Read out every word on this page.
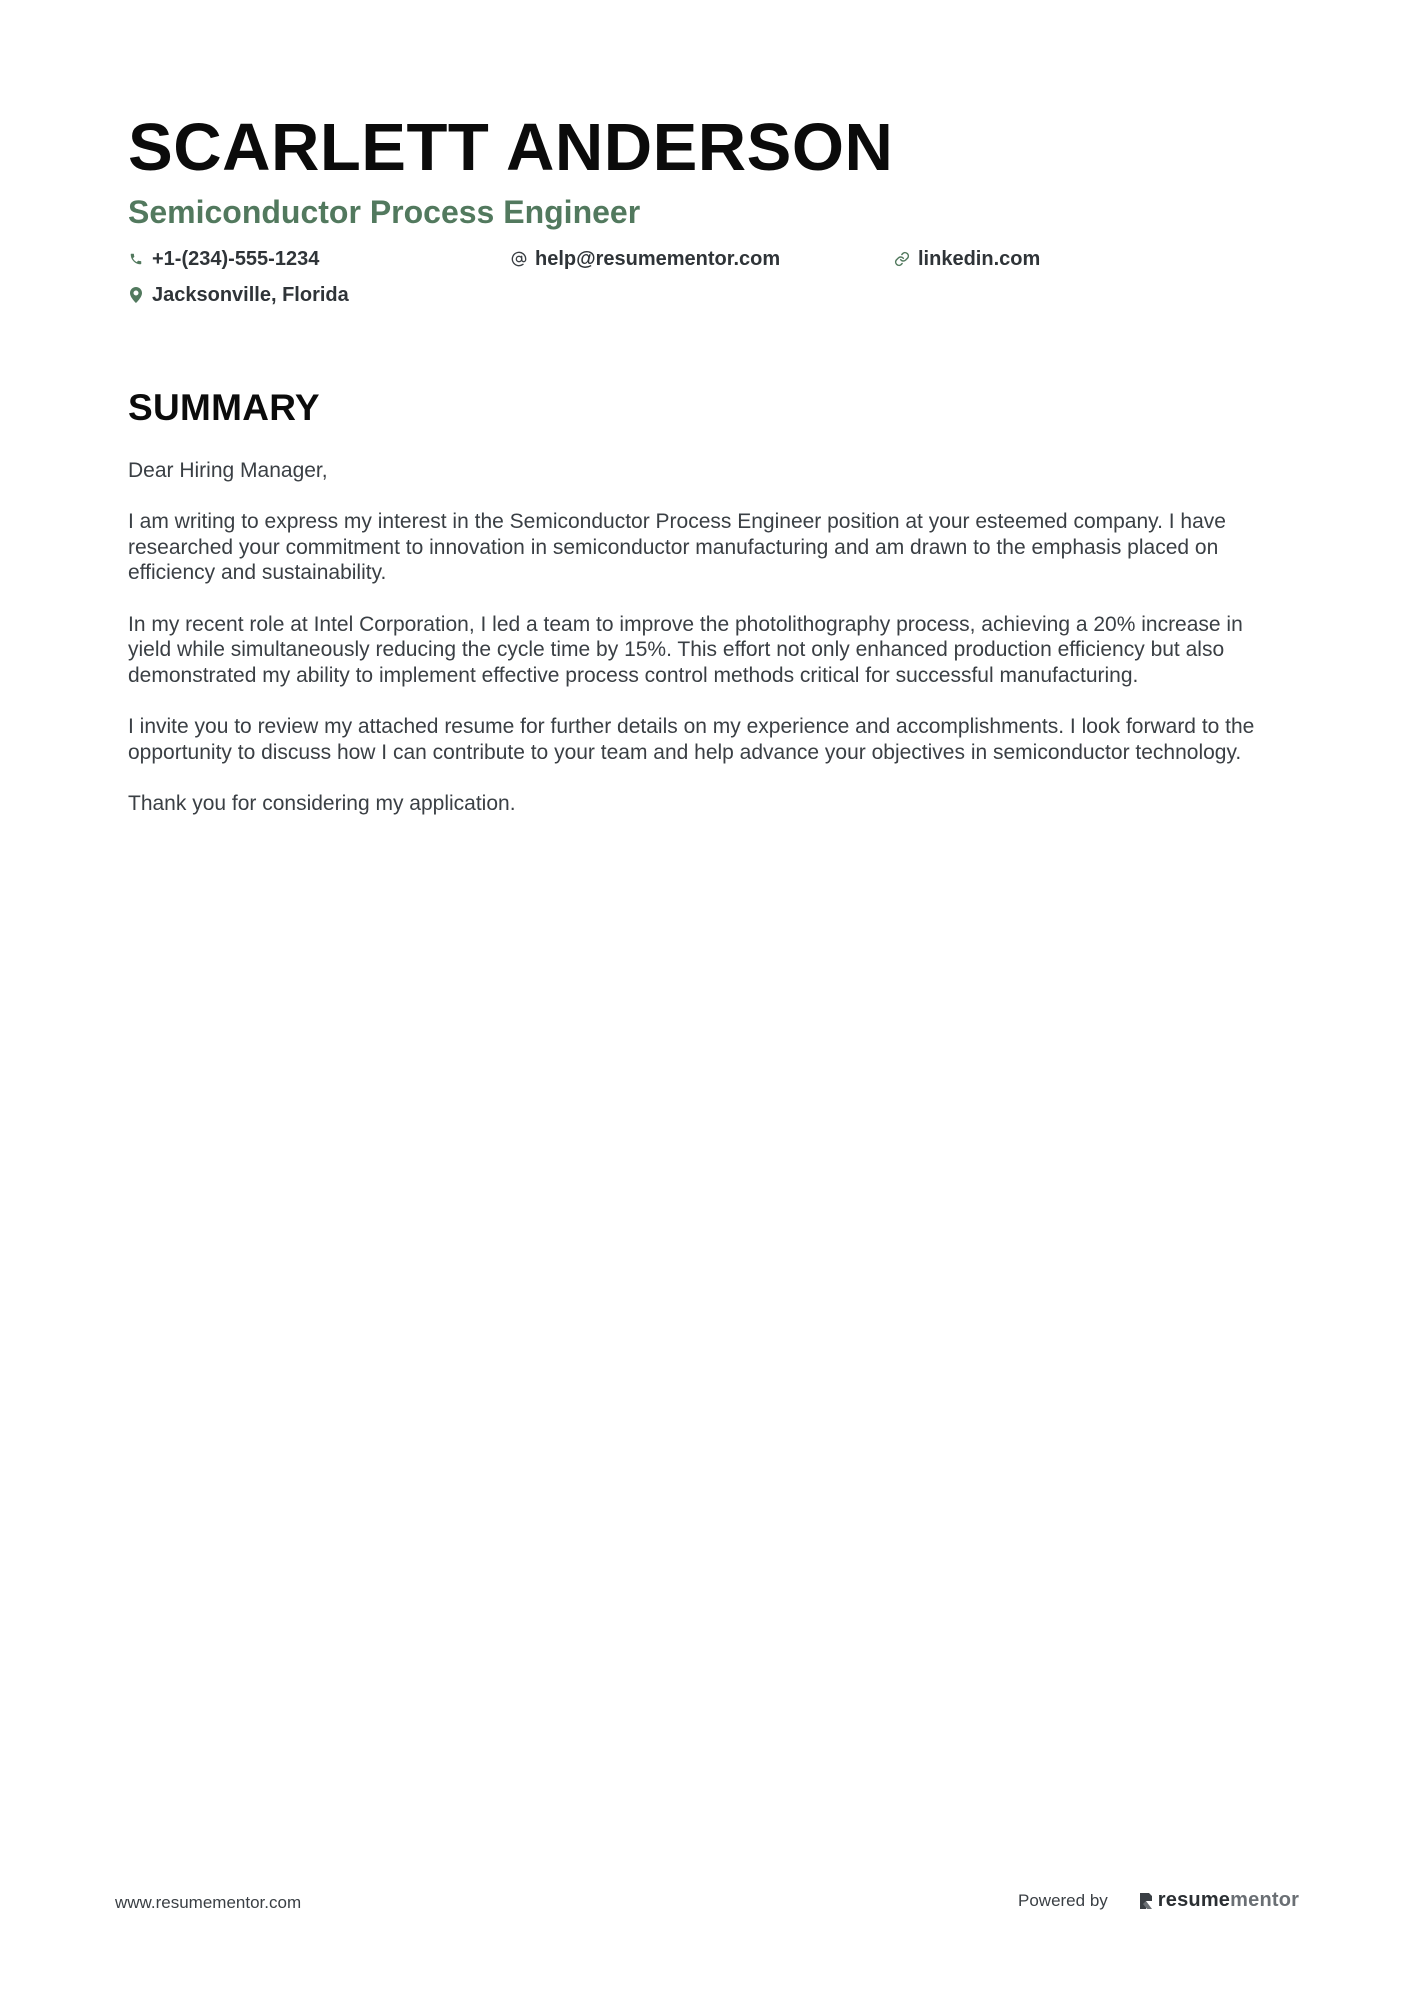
SCARLETT ANDERSON
Semiconductor Process Engineer
+1-(234)-555-1234	help@resumementor.com	linkedin.com
Jacksonville, Florida
SUMMARY

Dear Hiring Manager,

I am writing to express my interest in the Semiconductor Process Engineer position at your esteemed company. I have researched your commitment to innovation in semiconductor manufacturing and am drawn to the emphasis placed on efficiency and sustainability.

In my recent role at Intel Corporation, I led a team to improve the photolithography process, achieving a 20% increase in yield while simultaneously reducing the cycle time by 15%. This effort not only enhanced production efficiency but also demonstrated my ability to implement effective process control methods critical for successful manufacturing.

I invite you to review my attached resume for further details on my experience and accomplishments. I look forward to the opportunity to discuss how I can contribute to your team and help advance your objectives in semiconductor technology.

Thank you for considering my application.

www.resumementor.com	Powered by	resumementor
